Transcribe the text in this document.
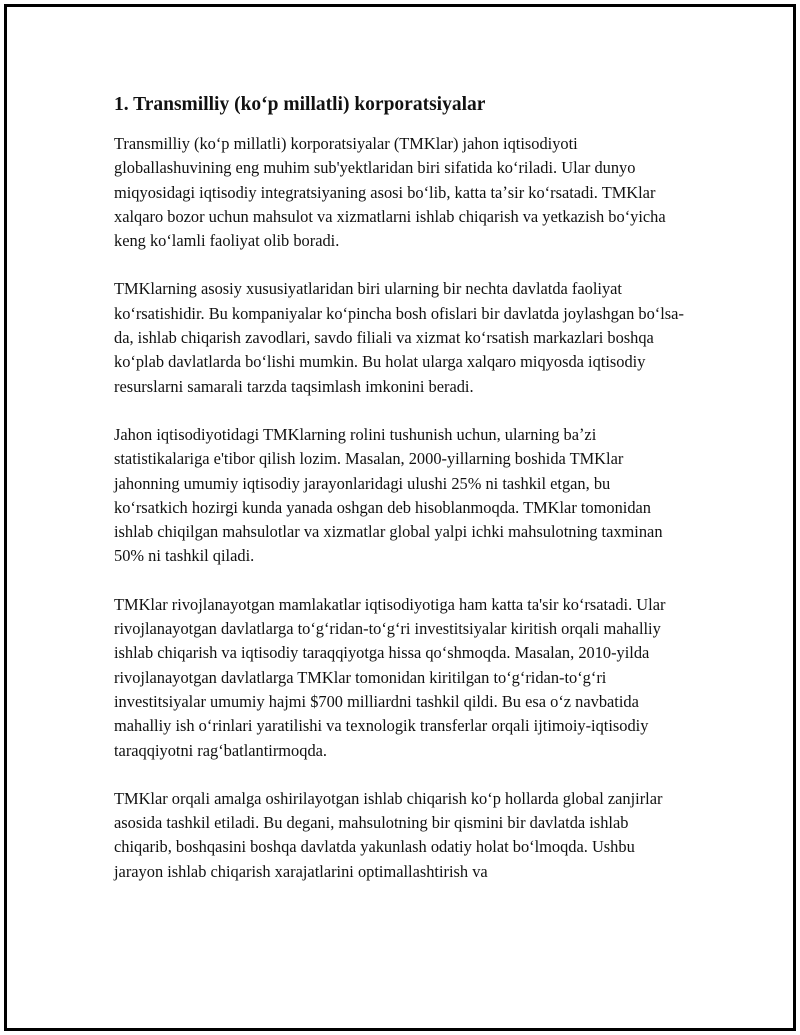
1. Transmilliy (koʻp millatli) korporatsiyalar

Transmilliy (koʻp millatli) korporatsiyalar (TMKlar) jahon iqtisodiyoti globallashuvining eng muhim sub'yektlaridan biri sifatida koʻriladi. Ular dunyo miqyosidagi iqtisodiy integratsiyaning asosi boʻlib, katta taʼsir koʻrsatadi. TMKlar xalqaro bozor uchun mahsulot va xizmatlarni ishlab chiqarish va yetkazish boʻyicha keng koʻlamli faoliyat olib boradi.

TMKlarning asosiy xususiyatlaridan biri ularning bir nechta davlatda faoliyat koʻrsatishidir. Bu kompaniyalar koʻpincha bosh ofislari bir davlatda joylashgan boʻlsa-da, ishlab chiqarish zavodlari, savdo filiali va xizmat koʻrsatish markazlari boshqa koʻplab davlatlarda boʻlishi mumkin. Bu holat ularga xalqaro miqyosda iqtisodiy resurslarni samarali tarzda taqsimlash imkonini beradi.

Jahon iqtisodiyotidagi TMKlarning rolini tushunish uchun, ularning baʼzi statistikalariga e'tibor qilish lozim. Masalan, 2000-yillarning boshida TMKlar jahonning umumiy iqtisodiy jarayonlaridagi ulushi 25% ni tashkil etgan, bu koʻrsatkich hozirgi kunda yanada oshgan deb hisoblanmoqda. TMKlar tomonidan ishlab chiqilgan mahsulotlar va xizmatlar global yalpi ichki mahsulotning taxminan 50% ni tashkil qiladi.

TMKlar rivojlanayotgan mamlakatlar iqtisodiyotiga ham katta ta'sir koʻrsatadi. Ular rivojlanayotgan davlatlarga toʻgʻridan-toʻgʻri investitsiyalar kiritish orqali mahalliy ishlab chiqarish va iqtisodiy taraqqiyotga hissa qoʻshmoqda. Masalan, 2010-yilda rivojlanayotgan davlatlarga TMKlar tomonidan kiritilgan toʻgʻridan-toʻgʻri investitsiyalar umumiy hajmi $700 milliardni tashkil qildi. Bu esa oʻz navbatida mahalliy ish oʻrinlari yaratilishi va texnologik transferlar orqali ijtimoiy-iqtisodiy taraqqiyotni ragʻbatlantirmoqda.

TMKlar orqali amalga oshirilayotgan ishlab chiqarish koʻp hollarda global zanjirlar asosida tashkil etiladi. Bu degani, mahsulotning bir qismini bir davlatda ishlab chiqarib, boshqasini boshqa davlatda yakunlash odatiy holat boʻlmoqda. Ushbu jarayon ishlab chiqarish xarajatlarini optimallashtirish va
